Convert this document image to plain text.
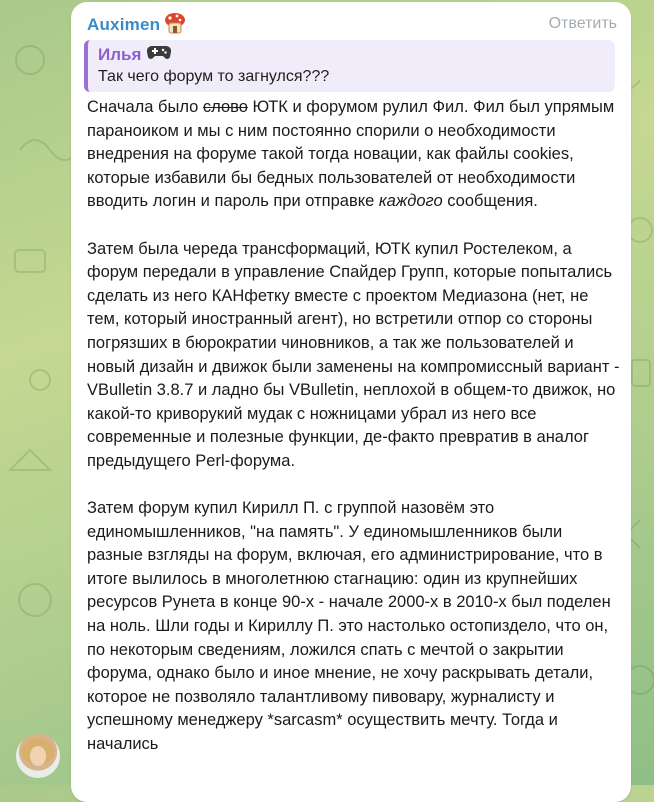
Auximen	Ответить
Илья
Так чего форум то загнулся???

Сначала было слово ЮТК и форумом рулил Фил. Фил был упрямым параноиком и мы с ним постоянно спорили о необходимости внедрения на форуме такой тогда новации, как файлы cookies, которые избавили бы бедных пользователей от необходимости вводить логин и пароль при отправке каждого сообщения.

Затем была череда трансформаций, ЮТК купил Ростелеком, а форум передали в управление Спайдер Групп, которые попытались сделать из него КАНфетку вместе с проектом Медиазона (нет, не тем, который иностранный агент), но встретили отпор со стороны погрязших в бюрократии чиновников, а так же пользователей и новый дизайн и движок были заменены на компромиссный вариант - VBulletin 3.8.7 и ладно бы VBulletin, неплохой в общем-то движок, но какой-то криворукий мудак с ножницами убрал из него все современные и полезные функции, де-факто превратив в аналог предыдущего Perl-форума.

Затем форум купил Кирилл П. с группой назовём это единомышленников, "на память". У единомышленников были разные взгляды на форум, включая, его администрирование, что в итоге вылилось в многолетнюю стагнацию: один из крупнейших ресурсов Рунета в конце 90-х - начале 2000-х в 2010-х был поделен на ноль. Шли годы и Кириллу П. это настолько остопиздело, что он, по некоторым сведениям, ложился спать с мечтой о закрытии форума, однако было и иное мнение, не хочу раскрывать детали, которое не позволяло талантливому пивовару, журналисту и успешному менеджеру *sarcasm* осуществить мечту. Тогда и начались
